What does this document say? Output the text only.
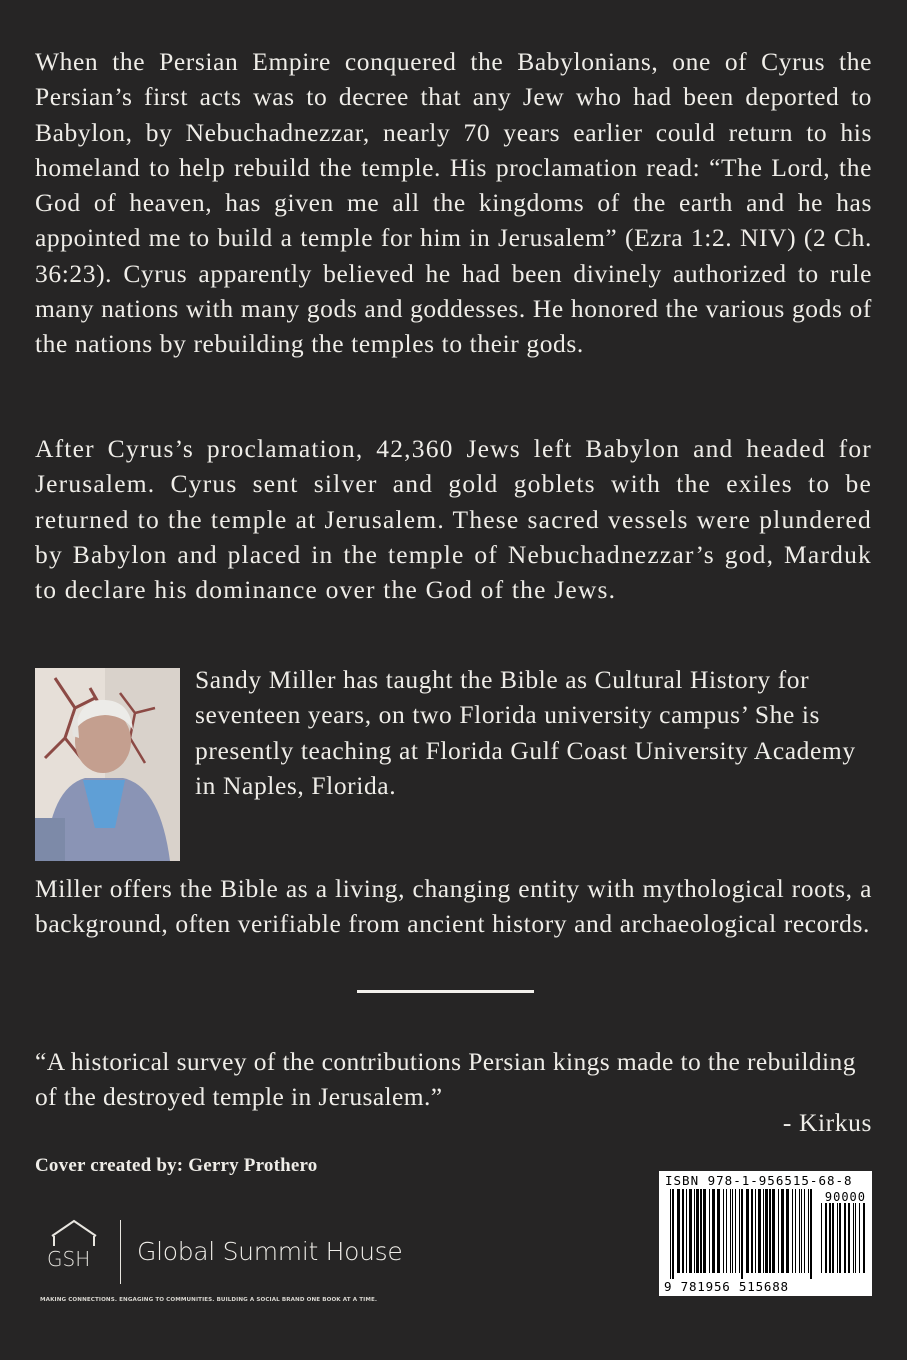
When the Persian Empire conquered the Babylonians, one of Cyrus the Persian’s first acts was to decree that any Jew who had been deported to Babylon, by Nebuchadnezzar, nearly 70 years earlier could return to his homeland to help rebuild the temple. His proclamation read: “The Lord, the God of heaven, has given me all the kingdoms of the earth and he has appointed me to build a temple for him in Jerusalem” (Ezra 1:2. NIV) (2 Ch. 36:23). Cyrus apparently believed he had been divinely authorized to rule many nations with many gods and goddesses. He honored the various gods of the nations by rebuilding the temples to their gods.

After Cyrus’s proclamation, 42,360 Jews left Babylon and headed for Jerusalem. Cyrus sent silver and gold goblets with the exiles to be returned to the temple at Jerusalem. These sacred vessels were plundered by Babylon and placed in the temple of Nebuchadnezzar’s god, Marduk to declare his dominance over the God of the Jews.

Sandy Miller has taught the Bible as Cultural History for seventeen years, on two Florida university campus’ She is presently teaching at Florida Gulf Coast University Academy in Naples, Florida.

Miller offers the Bible as a living, changing entity with mythological roots, a background, often verifiable from ancient history and archaeological records.

“A historical survey of the contributions Persian kings made to the rebuilding of the destroyed temple in Jerusalem.”

- Kirkus
Cover created by: Gerry Prothero
GSH Global Summit House
MAKING CONNECTIONS. ENGAGING TO COMMUNITIES. BUILDING A SOCIAL BRAND ONE BOOK AT A TIME.
ISBN 978-1-956515-68-8
90000
9 781956 515688
